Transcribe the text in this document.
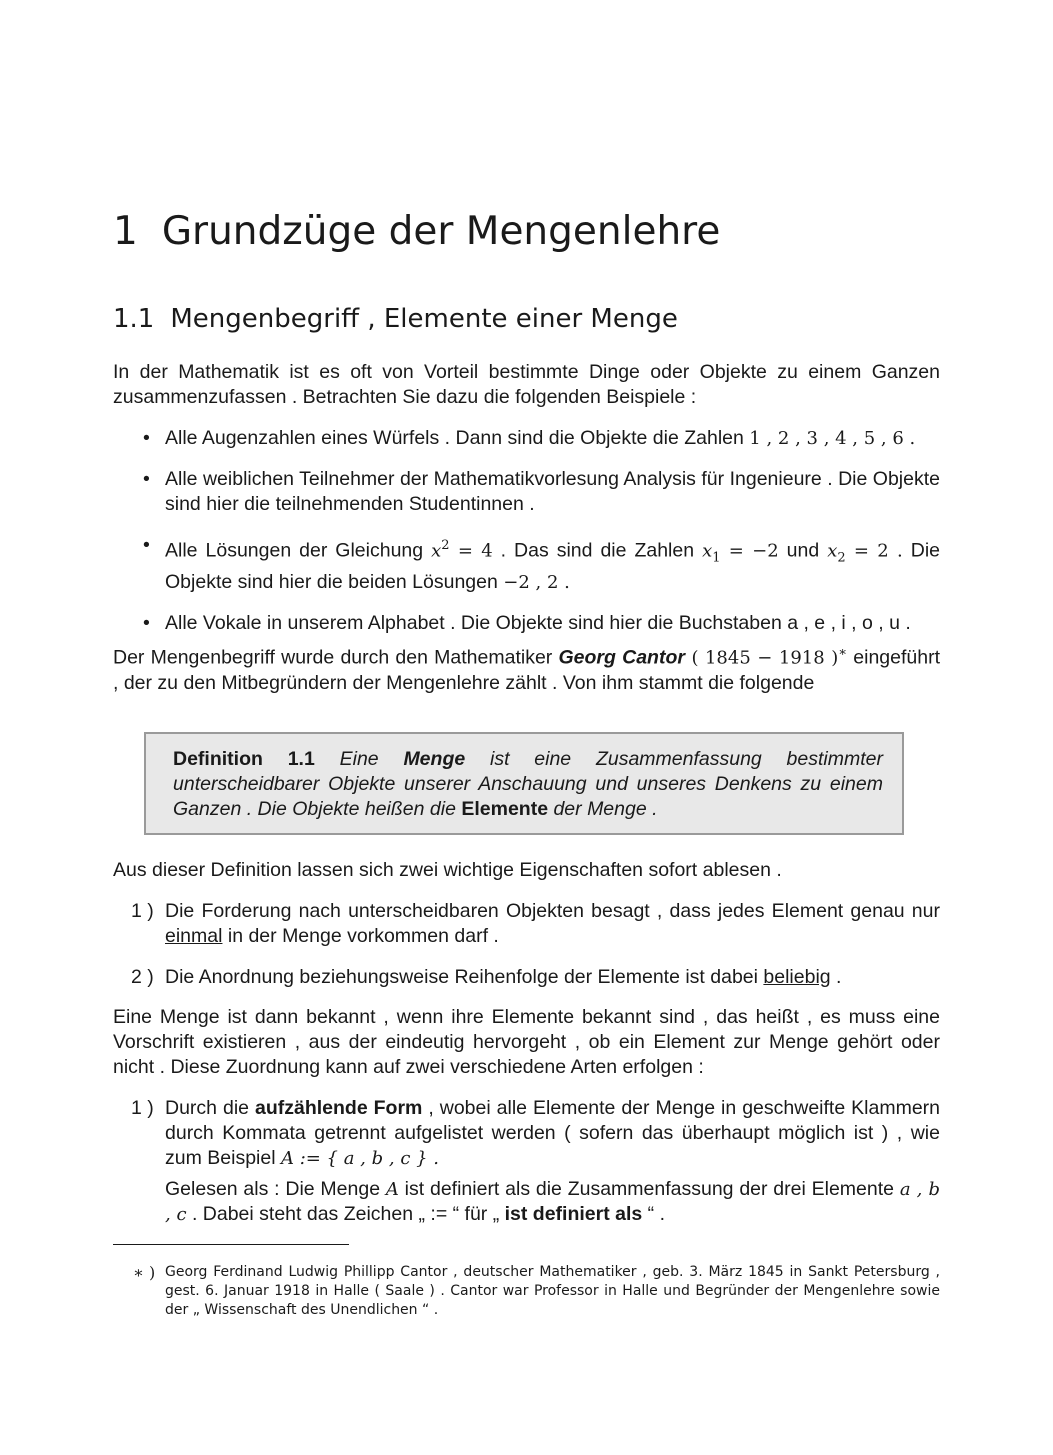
1 Grundzüge der Mengenlehre
1.1 Mengenbegriff , Elemente einer Menge

In der Mathematik ist es oft von Vorteil bestimmte Dinge oder Objekte zu einem Ganzen zusammenzufassen . Betrachten Sie dazu die folgenden Beispiele :

• Alle Augenzahlen eines Würfels . Dann sind die Objekte die Zahlen 1 , 2 , 3 , 4 , 5 , 6 .
• Alle weiblichen Teilnehmer der Mathematikvorlesung Analysis für Ingenieure . Die Objekte sind hier die teilnehmenden Studentinnen .
• Alle Lösungen der Gleichung $x^2 = 4$ . Das sind die Zahlen $x_1 = -2$ und $x_2 = 2$ . Die Objekte sind hier die beiden Lösungen −2 , 2 .
• Alle Vokale in unserem Alphabet . Die Objekte sind hier die Buchstaben a , e , i , o , u .

Der Mengenbegriff wurde durch den Mathematiker Georg Cantor ( 1845 − 1918 )∗ eingeführt , der zu den Mitbegründern der Mengenlehre zählt . Von ihm stammt die folgende

Definition 1.1 Eine Menge ist eine Zusammenfassung bestimmter unterscheidbarer Objekte unserer Anschauung und unseres Denkens zu einem Ganzen . Die Objekte heißen die Elemente der Menge .

Aus dieser Definition lassen sich zwei wichtige Eigenschaften sofort ablesen .

1 ) Die Forderung nach unterscheidbaren Objekten besagt , dass jedes Element genau nur einmal in der Menge vorkommen darf .
2 ) Die Anordnung beziehungsweise Reihenfolge der Elemente ist dabei beliebig .

Eine Menge ist dann bekannt , wenn ihre Elemente bekannt sind , das heißt , es muss eine Vorschrift existieren , aus der eindeutig hervorgeht , ob ein Element zur Menge gehört oder nicht . Diese Zuordnung kann auf zwei verschiedene Arten erfolgen :

1 ) Durch die aufzählende Form , wobei alle Elemente der Menge in geschweifte Klammern durch Kommata getrennt aufgelistet werden ( sofern das überhaupt möglich ist ) , wie zum Beispiel A := { a , b , c } .
Gelesen als : Die Menge A ist definiert als die Zusammenfassung der drei Elemente a , b , c . Dabei steht das Zeichen „ := “ für „ ist definiert als “ .
∗ ) Georg Ferdinand Ludwig Phillipp Cantor , deutscher Mathematiker , geb. 3. März 1845 in Sankt Petersburg , gest. 6. Januar 1918 in Halle ( Saale ) . Cantor war Professor in Halle und Begründer der Mengenlehre sowie der „ Wissenschaft des Unendlichen “ .
